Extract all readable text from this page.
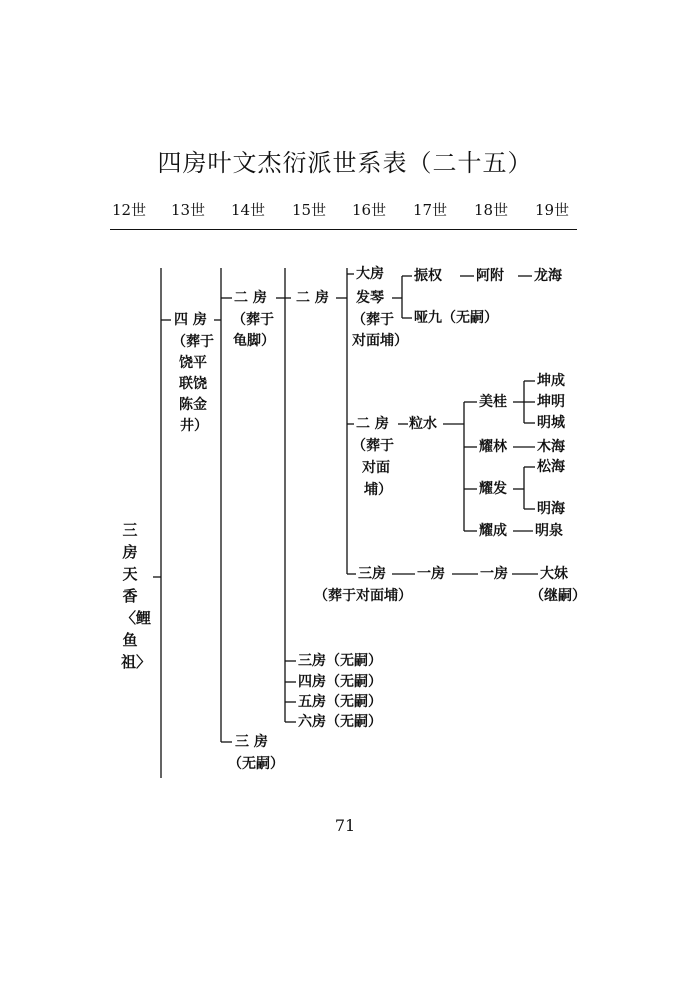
四房叶文杰衍派世系表（二十五）
12世 13世 14世 15世 16世 17世 18世 19世
三房天香〈鲤鱼祖〉
四 房
（葬于
饶平
联饶
陈金
井）
二 房
（葬于
龟脚）
三 房
（无嗣）
二 房
三房（无嗣）
四房（无嗣）
五房（无嗣）
六房（无嗣）
大房
发琴
（葬于
对面埔）
二 房
（葬于
对面
埔）
三房
（葬于对面埔）
振权
哑九（无嗣）
粒水
一房
阿附
美桂
耀林
耀发
耀成
一房
龙海
坤成
坤明
明城
木海
松海
明海
明泉
大妹
（继嗣）
71
